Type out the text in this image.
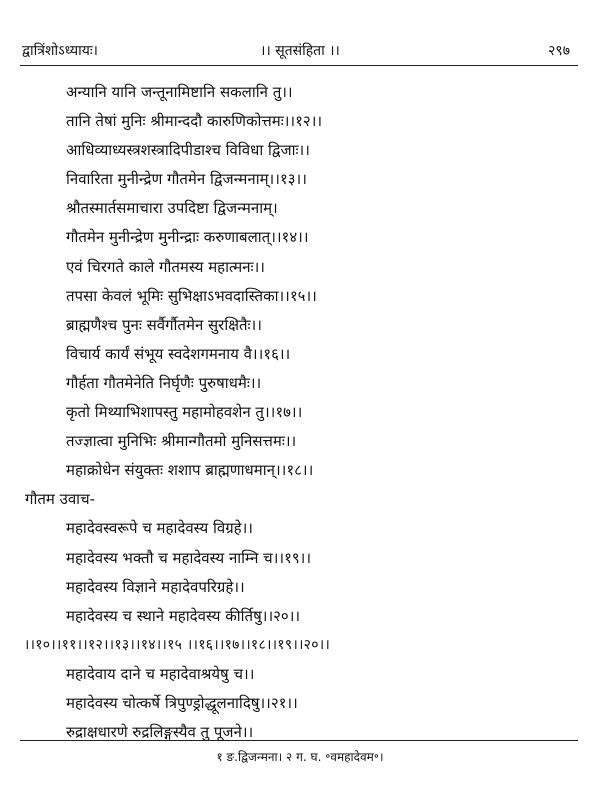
द्वात्रिंशोऽध्यायः।	।। सूतसंहिता ।।	२९७
अन्यानि यानि जन्तूनामिष्टानि सकलानि तु।।
तानि तेषां मुनिः श्रीमान्ददौ कारुणिकोत्तमः।।१२।।
आधिव्याध्यस्त्रशस्त्रादिपीडाश्च विविधा द्विजाः।।
निवारिता मुनीन्द्रेण गौतमेन द्विजन्मनाम्।।१३।।
श्रौतस्मार्तसमाचारा उपदिष्टा द्विजन्मनाम्।
गौतमेन मुनीन्द्रेण मुनीन्द्राः करुणाबलात्।।१४।।
एवं चिरगते काले गौतमस्य महात्मनः।।
तपसा केवलं भूमिः सुभिक्षाऽभवदास्तिका।।१५।।
ब्राह्मणैश्च पुनः सर्वैर्गौतमेन सुरक्षितैः।।
विचार्य कार्यं संभूय स्वदेशगमनाय वै।।१६।।
गौर्हता गौतमेनेति निर्घृणैः पुरुषाधमैः।।
कृतो मिथ्याभिशापस्तु महामोहवशेन तु।।१७।।
तज्ज्ञात्वा मुनिभिः श्रीमान्गौतमो मुनिसत्तमः।।
महाक्रोधेन संयुक्तः शशाप ब्राह्मणाधमान्।।१८।।
गौतम उवाच-
महादेवस्वरूपे च महादेवस्य विग्रहे।।
महादेवस्य भक्तौ च महादेवस्य नाम्नि च।।१९।।
महादेवस्य विज्ञाने महादेवपरिग्रहे।।
महादेवस्य च स्थाने महादेवस्य कीर्तिषु।।२०।।
।।१०।।११।।१२।।१३।।१४।।१५ ।।१६।।१७।।१८।।१९।।२०।।
महादेवाय दाने च महादेवाश्रयेषु च।।
महादेवस्य चोत्कर्षे त्रिपुण्ड्रोद्धूलनादिषु।।२१।।
रुद्राक्षधारणे रुद्रलिङ्गस्यैव तु पूजने।।
१ ङ.द्विजन्मना। २ ग. घ. ॰वमहादेवम॰।
